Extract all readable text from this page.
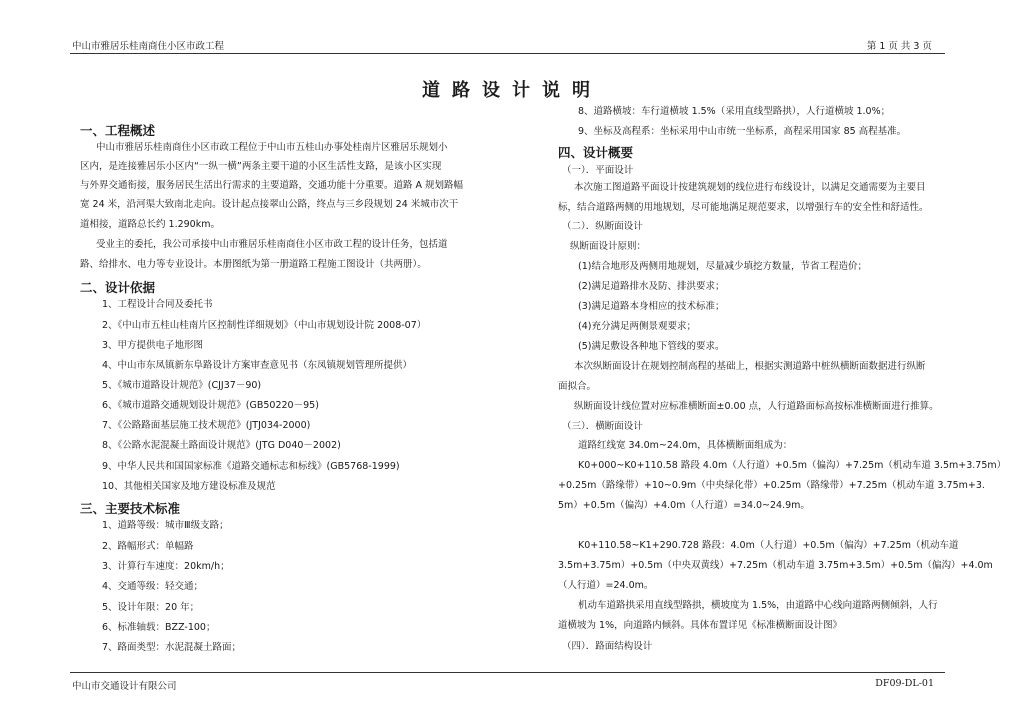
中山市雅居乐桂南商住小区市政工程	第 1 页 共 3 页
道路设计说明
一、工程概述
中山市雅居乐桂南商住小区市政工程位于中山市五桂山办事处桂南片区雅居乐规划小
区内，是连接雅居乐小区内“一纵一横”两条主要干道的小区生活性支路，是该小区实现
与外界交通衔接，服务居民生活出行需求的主要道路，交通功能十分重要。道路 A 规划路幅
宽 24 米，沿河渠大致南北走向。设计起点接翠山公路，终点与三乡段规划 24 米城市次干
道相接，道路总长约 1.290km。
受业主的委托，我公司承接中山市雅居乐桂南商住小区市政工程的设计任务，包括道
路、给排水、电力等专业设计。本册图纸为第一册道路工程施工图设计（共两册）。
二、设计依据
1、工程设计合同及委托书
2、《中山市五桂山桂南片区控制性详细规划》（中山市规划设计院 2008-07）
3、甲方提供电子地形图
4、中山市东凤镇新东阜路设计方案审查意见书（东凤镇规划管理所提供）
5、《城市道路设计规范》(CJJ37－90)
6、《城市道路交通规划设计规范》(GB50220－95)
7、《公路路面基层施工技术规范》(JTJ034-2000)
8、《公路水泥混凝土路面设计规范》(JTG D040－2002)
9、中华人民共和国国家标准《道路交通标志和标线》(GB5768-1999)
10、其他相关国家及地方建设标准及规范
三、主要技术标准
1、道路等级：城市Ⅲ级支路；
2、路幅形式：单幅路
3、计算行车速度：20km/h；
4、交通等级：轻交通；
5、设计年限：20 年；
6、标准轴载：BZZ-100；
7、路面类型：水泥混凝土路面；
8、道路横坡：车行道横坡 1.5%（采用直线型路拱），人行道横坡 1.0%；
9、坐标及高程系：坐标采用中山市统一坐标系，高程采用国家 85 高程基准。
四、设计概要
（一）．平面设计
本次施工图道路平面设计按建筑规划的线位进行布线设计，以满足交通需要为主要目
标，结合道路两侧的用地规划，尽可能地满足规范要求，以增强行车的安全性和舒适性。
（二）．纵断面设计
纵断面设计原则：
(1)结合地形及两侧用地规划，尽量减少填挖方数量，节省工程造价；
(2)满足道路排水及防、排洪要求；
(3)满足道路本身相应的技术标准；
(4)充分满足两侧景观要求；
(5)满足敷设各种地下管线的要求。
本次纵断面设计在规划控制高程的基础上，根据实测道路中桩纵横断面数据进行纵断
面拟合。
纵断面设计线位置对应标准横断面±0.00 点，人行道路面标高按标准横断面进行推算。
（三）．横断面设计
道路红线宽 34.0m~24.0m，具体横断面组成为：
K0+000~K0+110.58 路段 4.0m（人行道）+0.5m（偏沟）+7.25m（机动车道 3.5m+3.75m）
+0.25m（路缘带）+10~0.9m（中央绿化带）+0.25m（路缘带）+7.25m（机动车道 3.75m+3.
5m）+0.5m（偏沟）+4.0m（人行道）=34.0~24.9m。
K0+110.58~K1+290.728 路段：4.0m（人行道）+0.5m（偏沟）+7.25m（机动车道
3.5m+3.75m）+0.5m（中央双黄线）+7.25m（机动车道 3.75m+3.5m）+0.5m（偏沟）+4.0m
（人行道）=24.0m。
机动车道路拱采用直线型路拱，横坡度为 1.5%，由道路中心线向道路两侧倾斜，人行
道横坡为 1%，向道路内倾斜。具体布置详见《标准横断面设计图》
（四）．路面结构设计
中山市交通设计有限公司	DF09-DL-01
